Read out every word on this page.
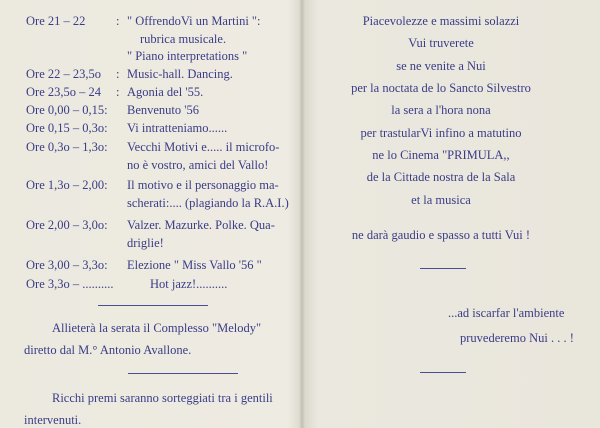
Ore 21 – 22 : " OffrendoVi un Martini ":
rubrica musicale.
" Piano interpretations "
Ore 22 – 23,5o : Music-hall. Dancing.
Ore 23,5o – 24 : Agonia del '55.
Ore 0,00 – 0,15: Benvenuto '56
Ore 0,15 – 0,3o: Vi intratteniamo......
Ore 0,3o – 1,3o: Vecchi Motivi e..... il microfo-
no è vostro, amici del Vallo!
Ore 1,3o – 2,00: Il motivo e il personaggio ma-
scherati:.... (plagiando la R.A.I.)
Ore 2,00 – 3,0o: Valzer. Mazurke. Polke. Qua-
driglie!
Ore 3,00 – 3,3o: Elezione " Miss Vallo '56 "
Ore 3,3o – ..........	Hot jazz!..........
Allieterà la serata il Complesso "Melody"
diretto dal M.° Antonio Avallone.
Ricchi premi saranno sorteggiati tra i gentili
intervenuti.
Piacevolezze e massimi solazzi
Vui truverete
se ne venite a Nui
per la noctata de lo Sancto Silvestro
la sera a l'hora nona
per trastularVi infino a matutino
ne lo Cinema "PRIMULA,,
de la Cittade nostra de la Sala
et la musica
ne darà gaudio e spasso a tutti Vui !
...ad iscarfar l'ambiente
pruvederemo Nui . . . !
